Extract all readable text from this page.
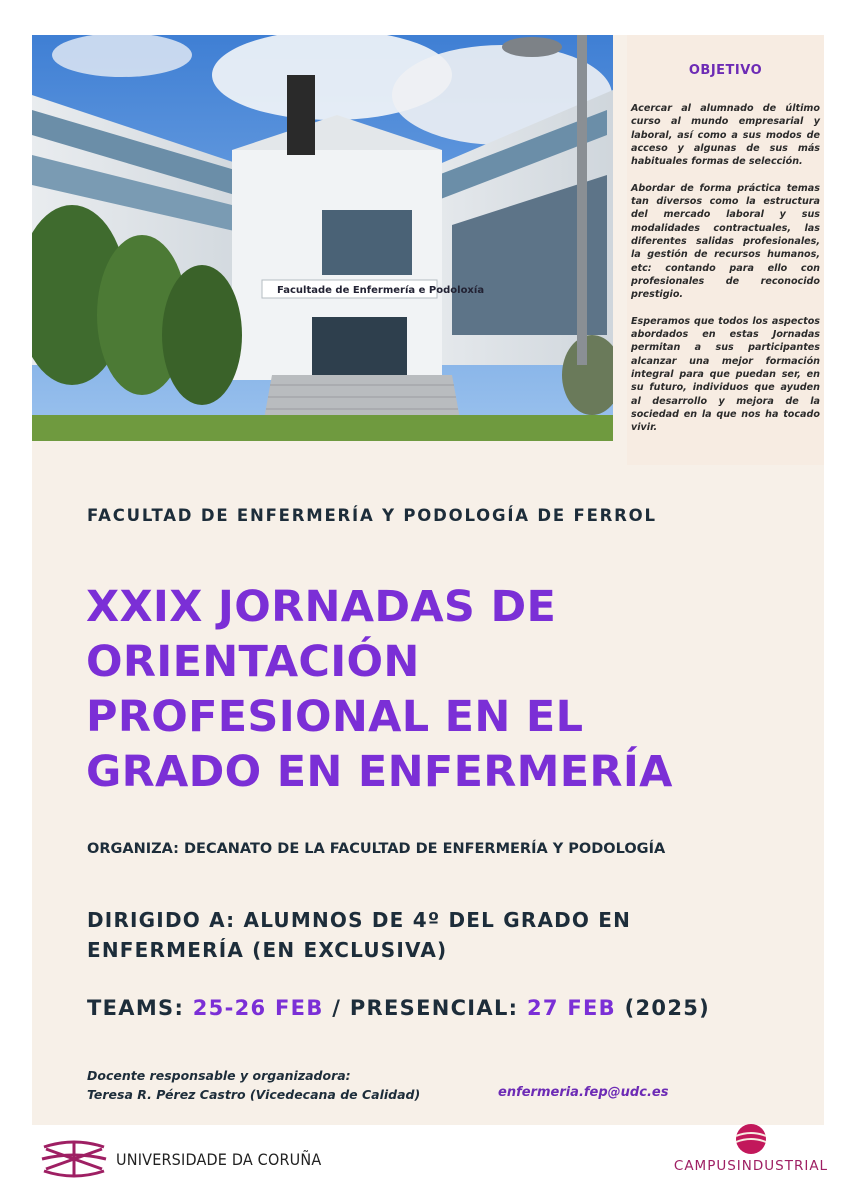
Facultade de Enfermería e Podoloxía
OBJETIVO

Acercar al alumnado de último curso al mundo empresarial y laboral, así como a sus modos de acceso y algunas de sus más habituales formas de selección.

Abordar de forma práctica temas tan diversos como la estructura del mercado laboral y sus modalidades contractuales, las diferentes salidas profesionales, la gestión de recursos humanos, etc: contando para ello con profesionales de reconocido prestigio.

Esperamos que todos los aspectos abordados en estas Jornadas permitan a sus participantes alcanzar una mejor formación integral para que puedan ser, en su futuro, individuos que ayuden al desarrollo y mejora de la sociedad en la que nos ha tocado vivir.

FACULTAD DE ENFERMERÍA Y PODOLOGÍA DE FERROL
XXIX JORNADAS DE
ORIENTACIÓN
PROFESIONAL EN EL
GRADO EN ENFERMERÍA
ORGANIZA: DECANATO DE LA FACULTAD DE ENFERMERÍA Y PODOLOGÍA
DIRIGIDO A: ALUMNOS DE 4º DEL GRADO EN ENFERMERÍA (EN EXCLUSIVA)
TEAMS: 25-26 FEB / PRESENCIAL: 27 FEB (2025)
Docente responsable y organizadora:
Teresa R. Pérez Castro (Vicedecana de Calidad)	enfermeria.fep@udc.es
UNIVERSIDADE DA CORUÑA	CAMPUSINDUSTRIAL
